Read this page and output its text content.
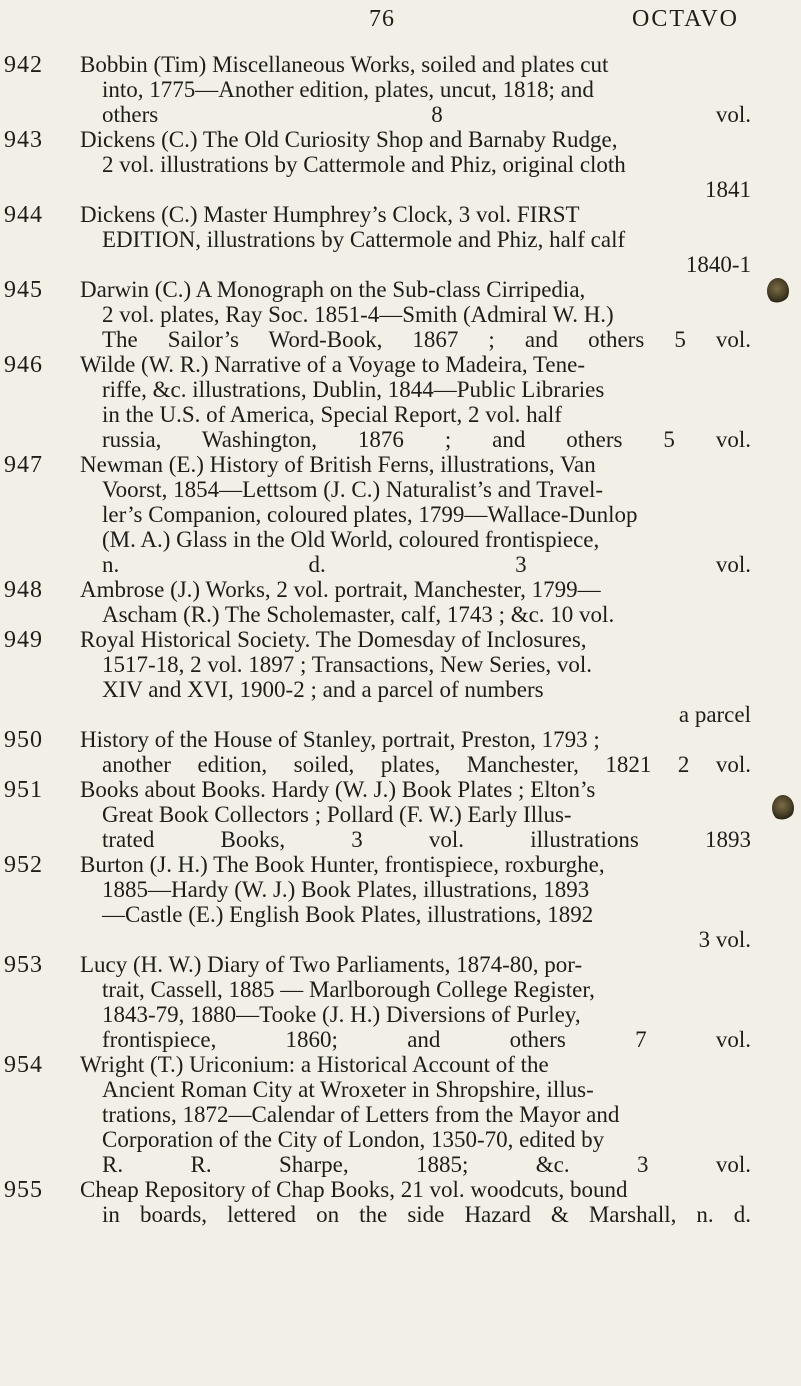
76	OCTAVO
942 Bobbin (Tim) Miscellaneous Works, soiled and plates cut
into, 1775—Another edition, plates, uncut, 1818; and
others 8 vol.
943 Dickens (C.) The Old Curiosity Shop and Barnaby Rudge,
2 vol. illustrations by Cattermole and Phiz, original cloth
1841
944 Dickens (C.) Master Humphrey’s Clock, 3 vol. FIRST
EDITION, illustrations by Cattermole and Phiz, half calf
1840-1
945 Darwin (C.) A Monograph on the Sub-class Cirripedia,
2 vol. plates, Ray Soc. 1851-4—Smith (Admiral W. H.)
The Sailor’s Word-Book, 1867 ; and others 5 vol.
946 Wilde (W. R.) Narrative of a Voyage to Madeira, Tene-
riffe, &c. illustrations, Dublin, 1844—Public Libraries
in the U.S. of America, Special Report, 2 vol. half
russia, Washington, 1876 ; and others 5 vol.
947 Newman (E.) History of British Ferns, illustrations, Van
Voorst, 1854—Lettsom (J. C.) Naturalist’s and Travel-
ler’s Companion, coloured plates, 1799—Wallace-Dunlop
(M. A.) Glass in the Old World, coloured frontispiece,
n. d. 3 vol.
948 Ambrose (J.) Works, 2 vol. portrait, Manchester, 1799—
Ascham (R.) The Scholemaster, calf, 1743 ; &c. 10 vol.
949 Royal Historical Society. The Domesday of Inclosures,
1517-18, 2 vol. 1897 ; Transactions, New Series, vol.
XIV and XVI, 1900-2 ; and a parcel of numbers
a parcel
950 History of the House of Stanley, portrait, Preston, 1793 ;
another edition, soiled, plates, Manchester, 1821 2 vol.
951 Books about Books. Hardy (W. J.) Book Plates ; Elton’s
Great Book Collectors ; Pollard (F. W.) Early Illus-
trated Books, 3 vol. illustrations 1893
952 Burton (J. H.) The Book Hunter, frontispiece, roxburghe,
1885—Hardy (W. J.) Book Plates, illustrations, 1893
—Castle (E.) English Book Plates, illustrations, 1892
3 vol.
953 Lucy (H. W.) Diary of Two Parliaments, 1874-80, por-
trait, Cassell, 1885 — Marlborough College Register,
1843-79, 1880—Tooke (J. H.) Diversions of Purley,
frontispiece, 1860; and others 7 vol.
954 Wright (T.) Uriconium: a Historical Account of the
Ancient Roman City at Wroxeter in Shropshire, illus-
trations, 1872—Calendar of Letters from the Mayor and
Corporation of the City of London, 1350-70, edited by
R. R. Sharpe, 1885; &c. 3 vol.
955 Cheap Repository of Chap Books, 21 vol. woodcuts, bound
in boards, lettered on the side Hazard & Marshall, n. d.
